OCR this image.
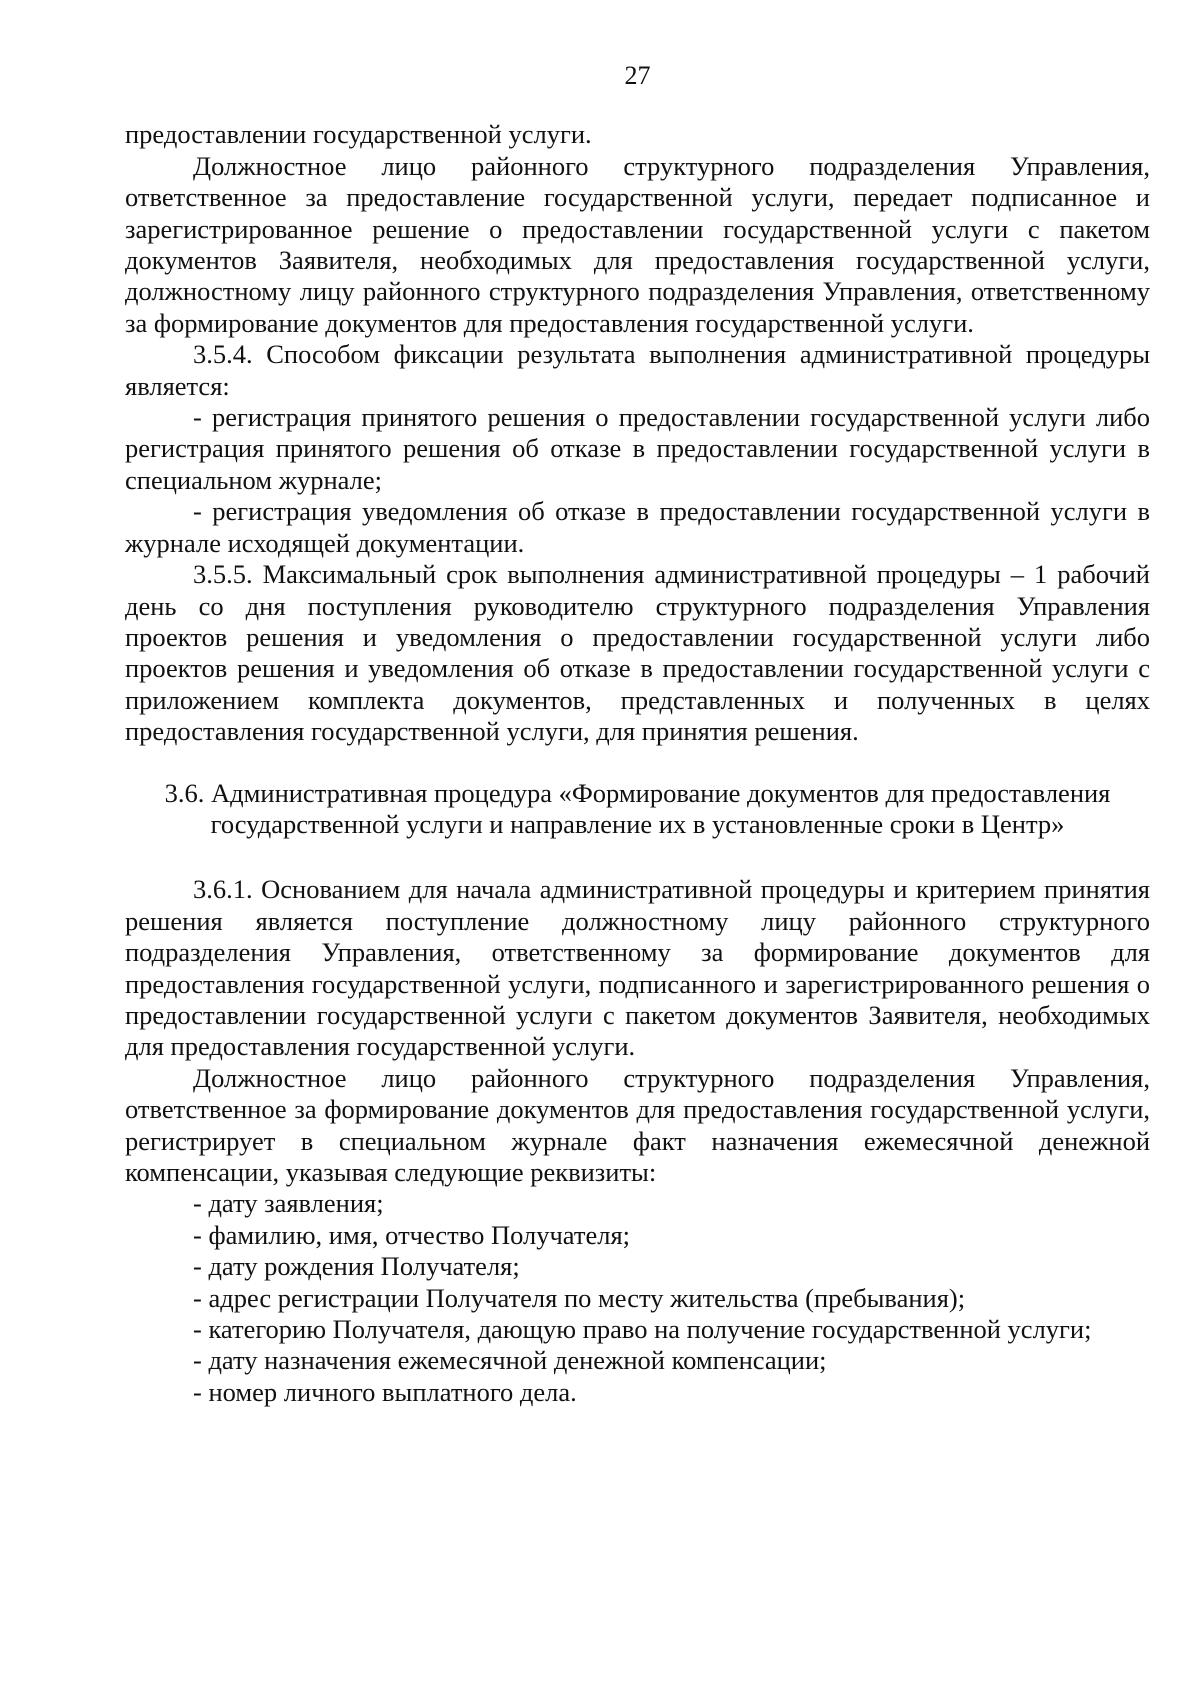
27

предоставлении государственной услуги.

Должностное лицо районного структурного подразделения Управления, ответственное за предоставление государственной услуги, передает подписанное и зарегистрированное решение о предоставлении государственной услуги с пакетом документов Заявителя, необходимых для предоставления государственной услуги, должностному лицу районного структурного подразделения Управления, ответственному за формирование документов для предоставления государственной услуги.

3.5.4. Способом фиксации результата выполнения административной процедуры является:

- регистрация принятого решения о предоставлении государственной услуги либо регистрация принятого решения об отказе в предоставлении государственной услуги в специальном журнале;

- регистрация уведомления об отказе в предоставлении государственной услуги в журнале исходящей документации.

3.5.5. Максимальный срок выполнения административной процедуры – 1 рабочий день со дня поступления руководителю структурного подразделения Управления проектов решения и уведомления о предоставлении государственной услуги либо проектов решения и уведомления об отказе в предоставлении государственной услуги с приложением комплекта документов, представленных и полученных в целях предоставления государственной услуги, для принятия решения.

3.6. Административная процедура «Формирование документов для предоставления государственной услуги и направление их в установленные сроки в Центр»

3.6.1. Основанием для начала административной процедуры и критерием принятия решения является поступление должностному лицу районного структурного подразделения Управления, ответственному за формирование документов для предоставления государственной услуги, подписанного и зарегистрированного решения о предоставлении государственной услуги с пакетом документов Заявителя, необходимых для предоставления государственной услуги.

Должностное лицо районного структурного подразделения Управления, ответственное за формирование документов для предоставления государственной услуги, регистрирует в специальном журнале факт назначения ежемесячной денежной компенсации, указывая следующие реквизиты:

- дату заявления;

- фамилию, имя, отчество Получателя;

- дату рождения Получателя;

- адрес регистрации Получателя по месту жительства (пребывания);

- категорию Получателя, дающую право на получение государственной услуги;

- дату назначения ежемесячной денежной компенсации;

- номер личного выплатного дела.
